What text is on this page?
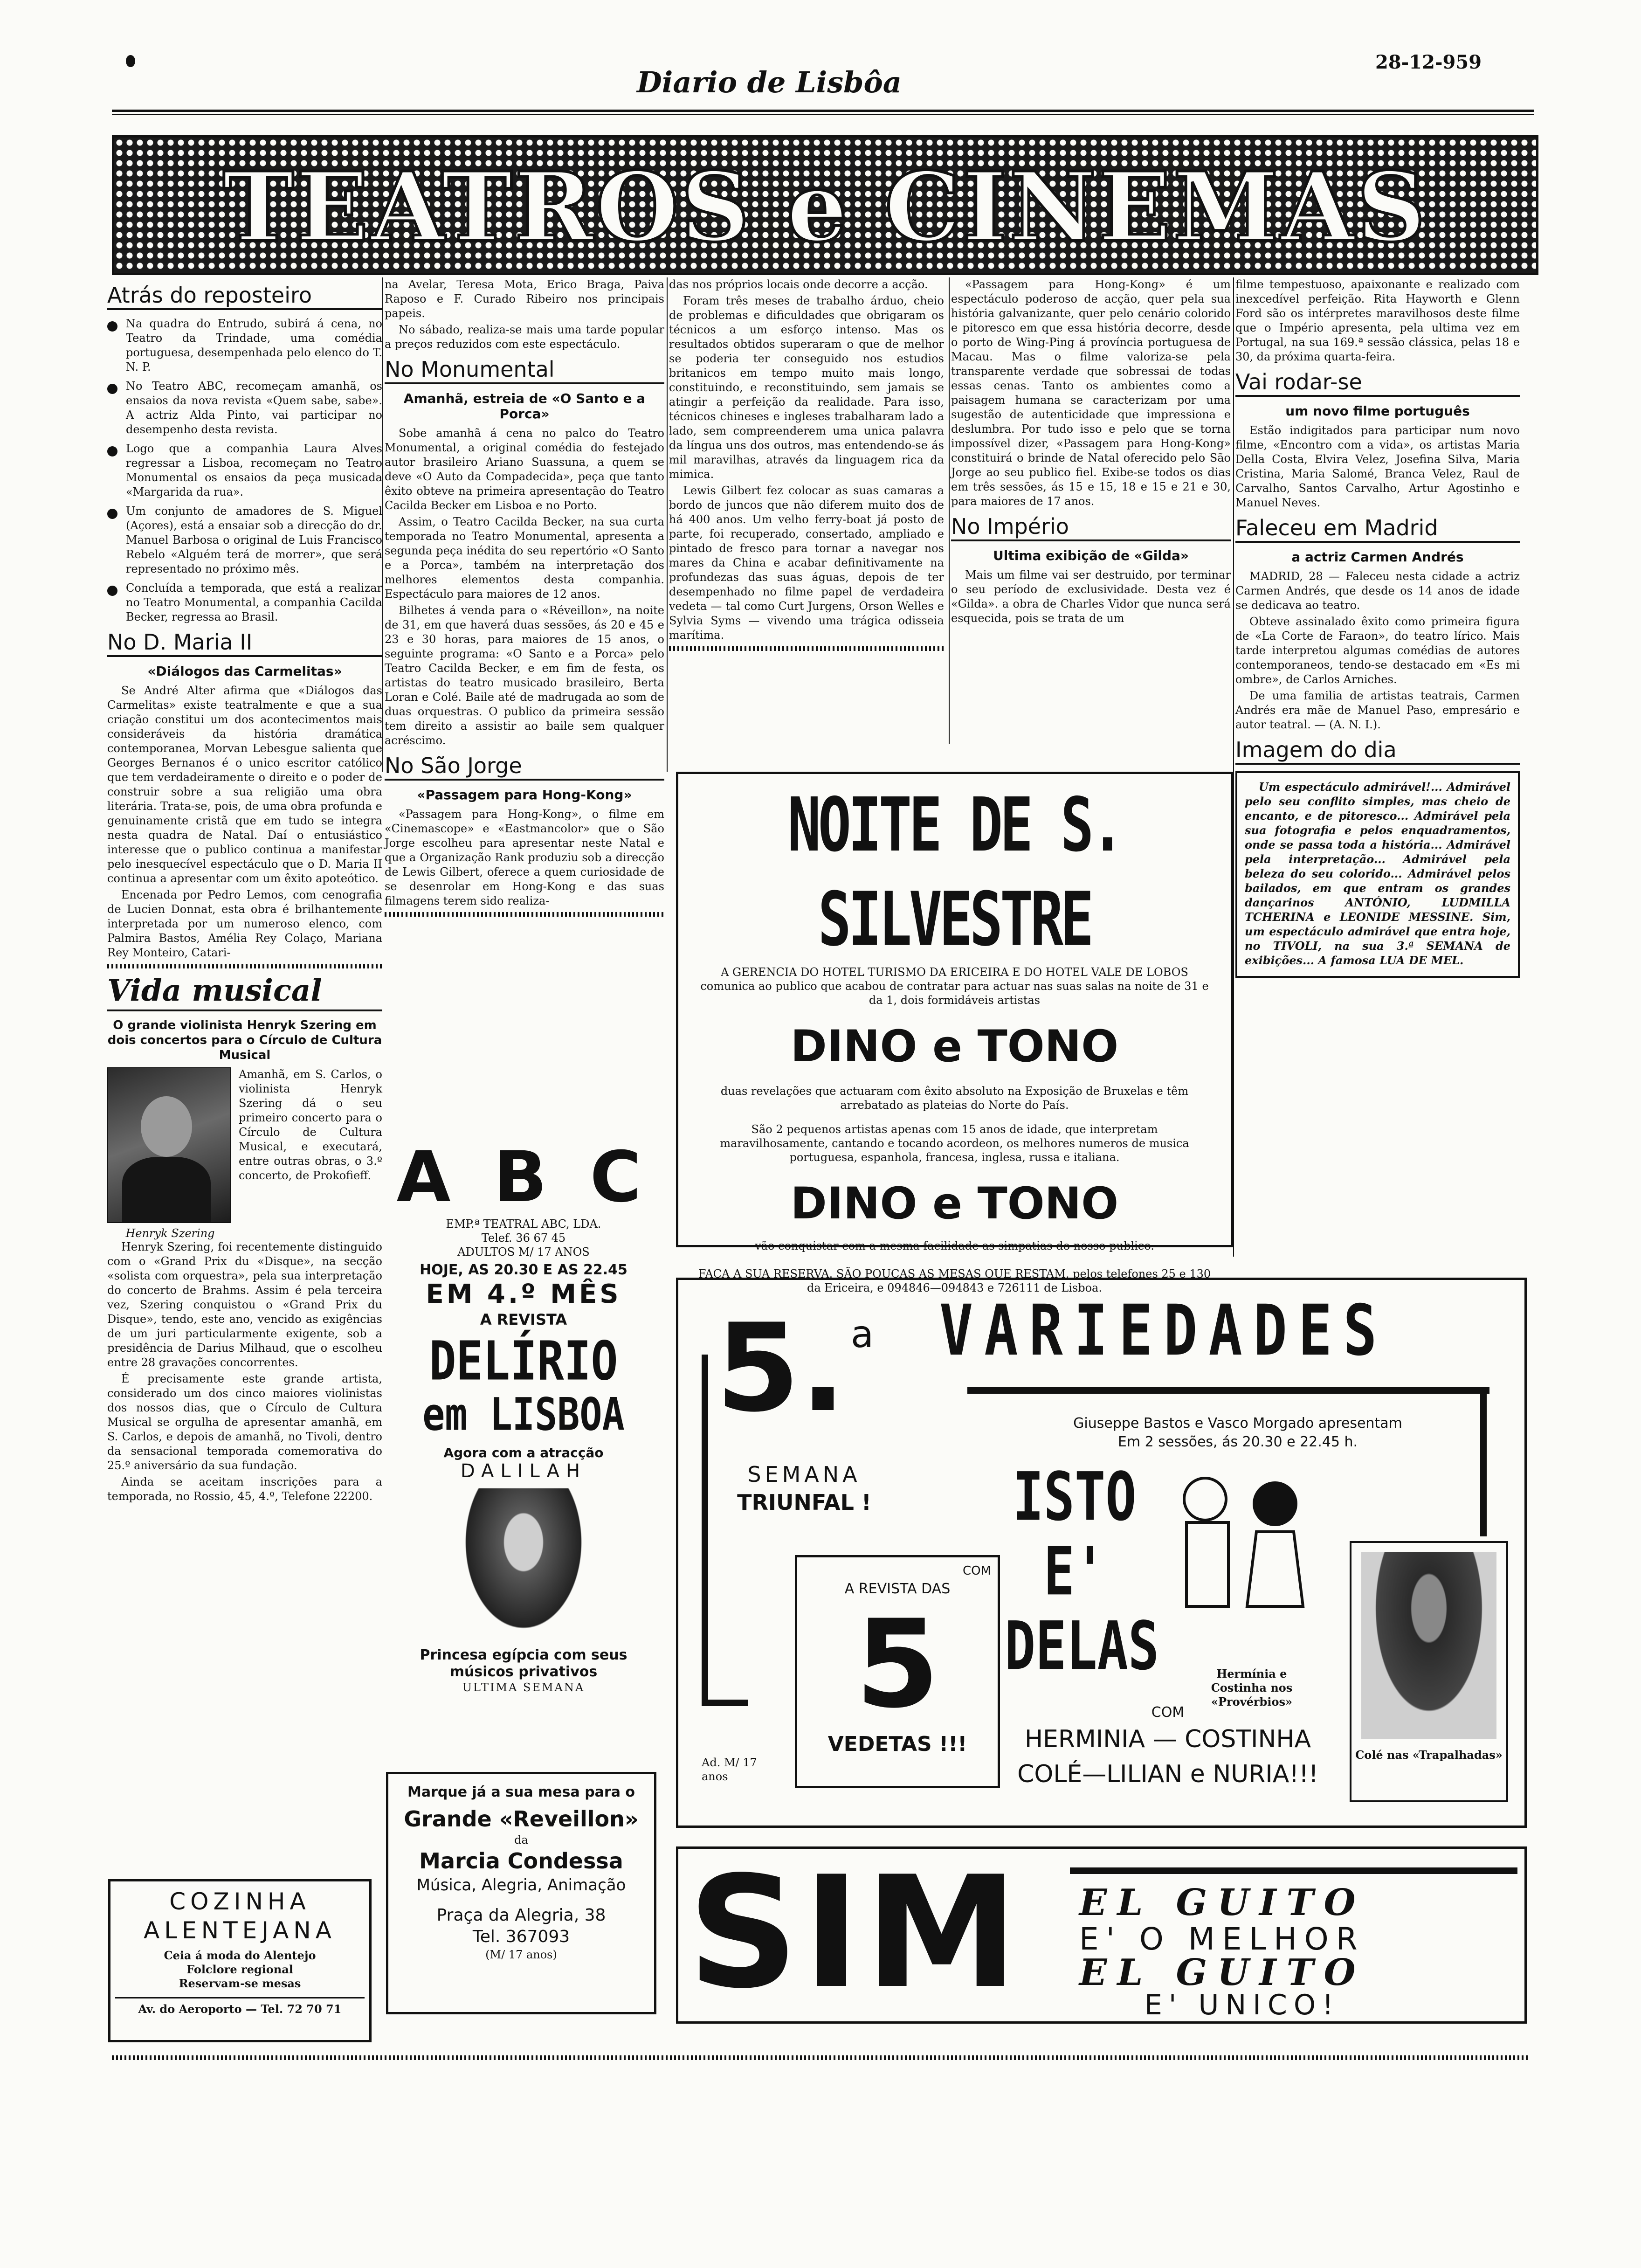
Diario de Lisbôa
28-12-959
TEATROS e CINEMAS
Atrás do reposteiro
Na quadra do Entrudo, subirá á cena, no Teatro da Trindade, uma comédia portuguesa, desempenhada pelo elenco do T. N. P.
No Teatro ABC, recomeçam amanhã, os ensaios da nova revista «Quem sabe, sabe». A actriz Alda Pinto, vai participar no desempenho desta revista.
Logo que a companhia Laura Alves regressar a Lisboa, recomeçam no Teatro Monumental os ensaios da peça musicada «Margarida da rua».
Um conjunto de amadores de S. Miguel (Açores), está a ensaiar sob a direcção do dr. Manuel Barbosa o original de Luis Francisco Rebelo «Alguém terá de morrer», que será representado no próximo mês.
Concluída a temporada, que está a realizar no Teatro Monumental, a companhia Cacilda Becker, regressa ao Brasil.
No D. Maria II
«Diálogos das Carmelitas»

Se André Alter afirma que «Diálogos das Carmelitas» existe teatralmente e que a sua criação constitui um dos acontecimentos mais consideráveis da história dramática contemporanea, Morvan Lebesgue salienta que Georges Bernanos é o unico escritor católico que tem verdadeiramente o direito e o poder de construir sobre a sua religião uma obra literária. Trata-se, pois, de uma obra profunda e genuinamente cristã que em tudo se integra nesta quadra de Natal. Daí o entusiástico interesse que o publico continua a manifestar pelo inesquecível espectáculo que o D. Maria II continua a apresentar com um êxito apoteótico.

Encenada por Pedro Lemos, com cenografia de Lucien Donnat, esta obra é brilhantemente interpretada por um numeroso elenco, com Palmira Bastos, Amélia Rey Colaço, Mariana Rey Monteiro, Catari-

Vida musical
O grande violinista Henryk Szering em dois concertos para o Círculo de Cultura Musical
Henryk Szering

Amanhã, em S. Carlos, o violinista Henryk Szering dá o seu primeiro concerto para o Círculo de Cultura Musical, e executará, entre outras obras, o 3.º concerto, de Prokofieff.

Henryk Szering, foi recentemente distinguido com o «Grand Prix du «Disque», na secção «solista com orquestra», pela sua interpretação do concerto de Brahms. Assim é pela terceira vez, Szering conquistou o «Grand Prix du Disque», tendo, este ano, vencido as exigências de um juri particularmente exigente, sob a presidência de Darius Milhaud, que o escolheu entre 28 gravações concorrentes.

É precisamente este grande artista, considerado um dos cinco maiores violinistas dos nossos dias, que o Círculo de Cultura Musical se orgulha de apresentar amanhã, em S. Carlos, e depois de amanhã, no Tivoli, dentro da sensacional temporada comemorativa do 25.º aniversário da sua fundação.

Ainda se aceitam inscrições para a temporada, no Rossio, 45, 4.º, Telefone 22200.

COZINHA ALENTEJANA
Ceia á moda do Alentejo
Folclore regional
Reservam-se mesas
Av. do Aeroporto — Tel. 72 70 71

na Avelar, Teresa Mota, Erico Braga, Paiva Raposo e F. Curado Ribeiro nos principais papeis.

No sábado, realiza-se mais uma tarde popular a preços reduzidos com este espectáculo.

No Monumental
Amanhã, estreia de «O Santo e a Porca»

Sobe amanhã á cena no palco do Teatro Monumental, a original comédia do festejado autor brasileiro Ariano Suassuna, a quem se deve «O Auto da Compadecida», peça que tanto êxito obteve na primeira apresentação do Teatro Cacilda Becker em Lisboa e no Porto.

Assim, o Teatro Cacilda Becker, na sua curta temporada no Teatro Monumental, apresenta a segunda peça inédita do seu repertório «O Santo e a Porca», também na interpretação dos melhores elementos desta companhia. Espectáculo para maiores de 12 anos.

Bilhetes á venda para o «Réveillon», na noite de 31, em que haverá duas sessões, ás 20 e 45 e 23 e 30 horas, para maiores de 15 anos, o seguinte programa: «O Santo e a Porca» pelo Teatro Cacilda Becker, e em fim de festa, os artistas do teatro musicado brasileiro, Berta Loran e Colé. Baile até de madrugada ao som de duas orquestras. O publico da primeira sessão tem direito a assistir ao baile sem qualquer acréscimo.

No São Jorge
«Passagem para Hong-Kong»

«Passagem para Hong-Kong», o filme em «Cinemascope» e «Eastmancolor» que o São Jorge escolheu para apresentar neste Natal e que a Organização Rank produziu sob a direcção de Lewis Gilbert, oferece a quem curiosidade de se desenrolar em Hong-Kong e das suas filmagens terem sido realiza-

das nos próprios locais onde decorre a acção.

Foram três meses de trabalho árduo, cheio de problemas e dificuldades que obrigaram os técnicos a um esforço intenso. Mas os resultados obtidos superaram o que de melhor se poderia ter conseguido nos estudios britanicos em tempo muito mais longo, constituindo, e reconstituindo, sem jamais se atingir a perfeição da realidade. Para isso, técnicos chineses e ingleses trabalharam lado a lado, sem compreenderem uma unica palavra da língua uns dos outros, mas entendendo-se ás mil maravilhas, através da linguagem rica da mimica.

Lewis Gilbert fez colocar as suas camaras a bordo de juncos que não diferem muito dos de há 400 anos. Um velho ferry-boat já posto de parte, foi recuperado, consertado, ampliado e pintado de fresco para tornar a navegar nos mares da China e acabar definitivamente na profundezas das suas águas, depois de ter desempenhado no filme papel de verdadeira vedeta — tal como Curt Jurgens, Orson Welles e Sylvia Syms — vivendo uma trágica odisseia marítima.

«Passagem para Hong-Kong» é um espectáculo poderoso de acção, quer pela sua história galvanizante, quer pelo cenário colorido e pitoresco em que essa história decorre, desde o porto de Wing-Ping á província portuguesa de Macau. Mas o filme valoriza-se pela transparente verdade que sobressai de todas essas cenas. Tanto os ambientes como a paisagem humana se caracterizam por uma sugestão de autenticidade que impressiona e deslumbra. Por tudo isso e pelo que se torna impossível dizer, «Passagem para Hong-Kong» constituirá o brinde de Natal oferecido pelo São Jorge ao seu publico fiel. Exibe-se todos os dias em três sessões, ás 15 e 15, 18 e 15 e 21 e 30, para maiores de 17 anos.

No Império
Ultima exibição de «Gilda»

Mais um filme vai ser destruido, por terminar o seu período de exclusividade. Desta vez é «Gilda». a obra de Charles Vidor que nunca será esquecida, pois se trata de um

filme tempestuoso, apaixonante e realizado com inexcedível perfeição. Rita Hayworth e Glenn Ford são os intérpretes maravilhosos deste filme que o Império apresenta, pela ultima vez em Portugal, na sua 169.ª sessão clássica, pelas 18 e 30, da próxima quarta-feira.

Vai rodar-se
um novo filme português

Estão indigitados para participar num novo filme, «Encontro com a vida», os artistas Maria Della Costa, Elvira Velez, Josefina Silva, Maria Cristina, Maria Salomé, Branca Velez, Raul de Carvalho, Santos Carvalho, Artur Agostinho e Manuel Neves.

Faleceu em Madrid
a actriz Carmen Andrés

MADRID, 28 — Faleceu nesta cidade a actriz Carmen Andrés, que desde os 14 anos de idade se dedicava ao teatro.

Obteve assinalado êxito como primeira figura de «La Corte de Faraon», do teatro lírico. Mais tarde interpretou algumas comédias de autores contemporaneos, tendo-se destacado em «Es mi ombre», de Carlos Arniches.

De uma familia de artistas teatrais, Carmen Andrés era mãe de Manuel Paso, empresário e autor teatral. — (A. N. I.).

Imagem do dia

Um espectáculo admirável!... Admirável pelo seu conflito simples, mas cheio de encanto, e de pitoresco... Admirável pela sua fotografia e pelos enquadramentos, onde se passa toda a história... Admirável pela interpretação... Admirável pela beleza do seu colorido... Admirável pelos bailados, em que entram os grandes dançarinos ANTÓNIO, LUDMILLA TCHERINA e LEONIDE MESSINE. Sim, um espectáculo admirável que entra hoje, no TIVOLI, na sua 3.ª SEMANA de exibições... A famosa LUA DE MEL.

NOITE DE S. SILVESTRE

A GERENCIA DO HOTEL TURISMO DA ERICEIRA E DO HOTEL VALE DE LOBOS comunica ao publico que acabou de contratar para actuar nas suas salas na noite de 31 e da 1, dois formidáveis artistas

DINO e TONO

duas revelações que actuaram com êxito absoluto na Exposição de Bruxelas e têm arrebatado as plateias do Norte do País.

São 2 pequenos artistas apenas com 15 anos de idade, que interpretam maravilhosamente, cantando e tocando acordeon, os melhores numeros de musica portuguesa, espanhola, francesa, inglesa, russa e italiana.

DINO e TONO

vão conquistar com a mesma facilidade as simpatias do nosso publico.

FAÇA A SUA RESERVA. SÃO POUCAS AS MESAS QUE RESTAM, pelos telefones 25 e 130 da Ericeira, e 094846—094843 e 726111 de Lisboa.

A B C
EMP.ª TEATRAL ABC, LDA.
Telef. 36 67 45
ADULTOS M/ 17 ANOS
HOJE, AS 20.30 E AS 22.45
EM 4.º MÊS
A REVISTA
DELÍRIO
em LISBOA
Agora com a atracção
DALILAH
Princesa egípcia com seus músicos privativos
ULTIMA SEMANA
Marque já a sua mesa para o
Grande «Reveillon»
da
Marcia Condessa
Música, Alegria, Animação
Praça da Alegria, 38
Tel. 367093
(M/ 17 anos)
VARIEDADES
5. a
SEMANA
TRIUNFAL !
COM
A REVISTA DAS
5
VEDETAS !!!
Ad. M/ 17 anos
Giuseppe Bastos e Vasco Morgado apresentam
Em 2 sessões, ás 20.30 e 22.45 h.
ISTO
E'
DELAS	Hermínia e Costinha nos «Provérbios»
Colé nas «Trapalhadas»
COM
HERMINIA — COSTINHA
COLÉ—LILIAN e NURIA!!!
SIM EL GUITO
E' O MELHOR
EL GUITO
E' UNICO!
